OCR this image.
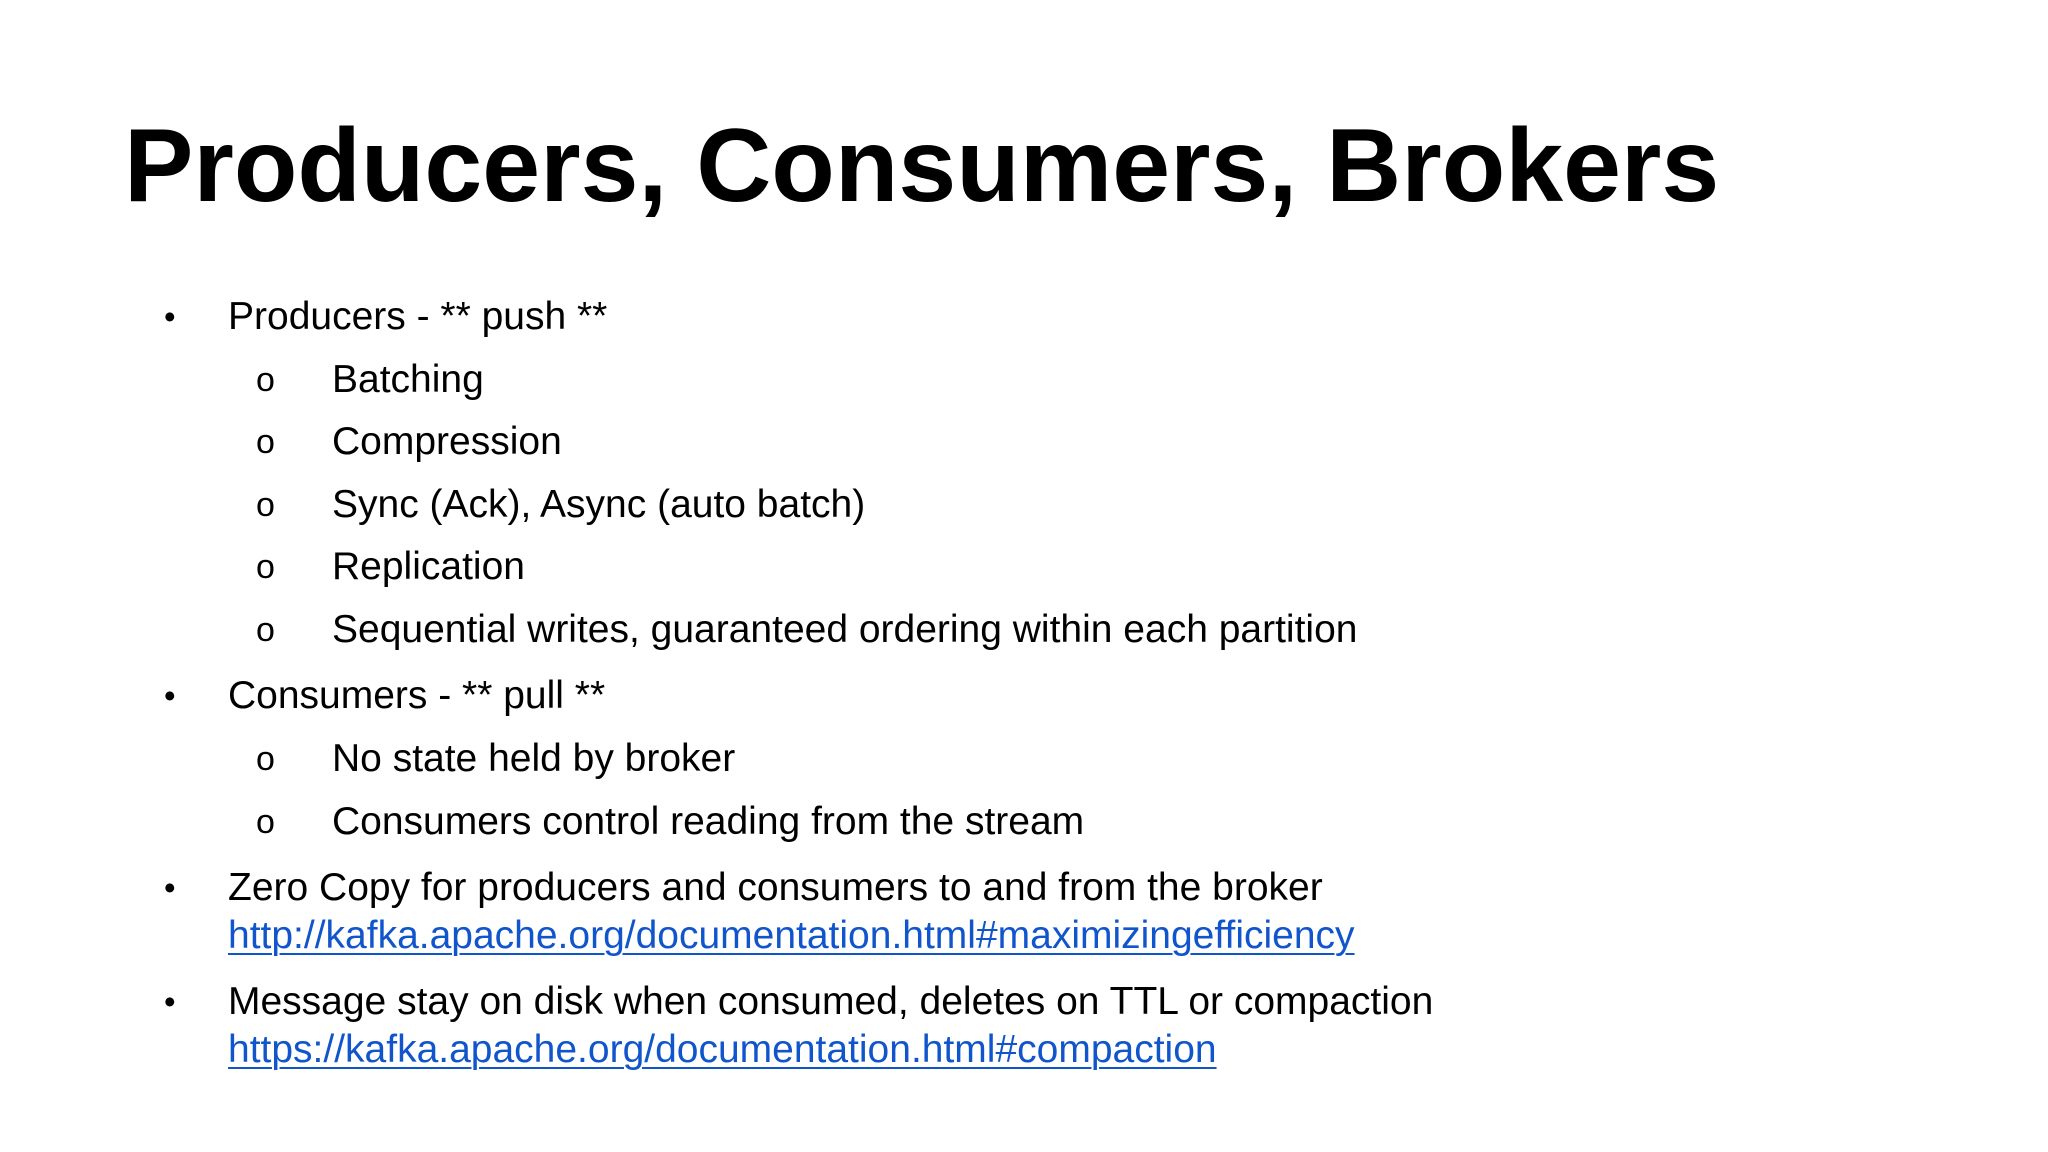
Producers, Consumers, Brokers
• Producers - ** push **
o Batching
o Compression
o Sync (Ack), Async (auto batch)
o Replication
o Sequential writes, guaranteed ordering within each partition
• Consumers - ** pull **
o No state held by broker
o Consumers control reading from the stream
• Zero Copy for producers and consumers to and from the broker
http://kafka.apache.org/documentation.html#maximizingefficiency
• Message stay on disk when consumed, deletes on TTL or compaction
https://kafka.apache.org/documentation.html#compaction
